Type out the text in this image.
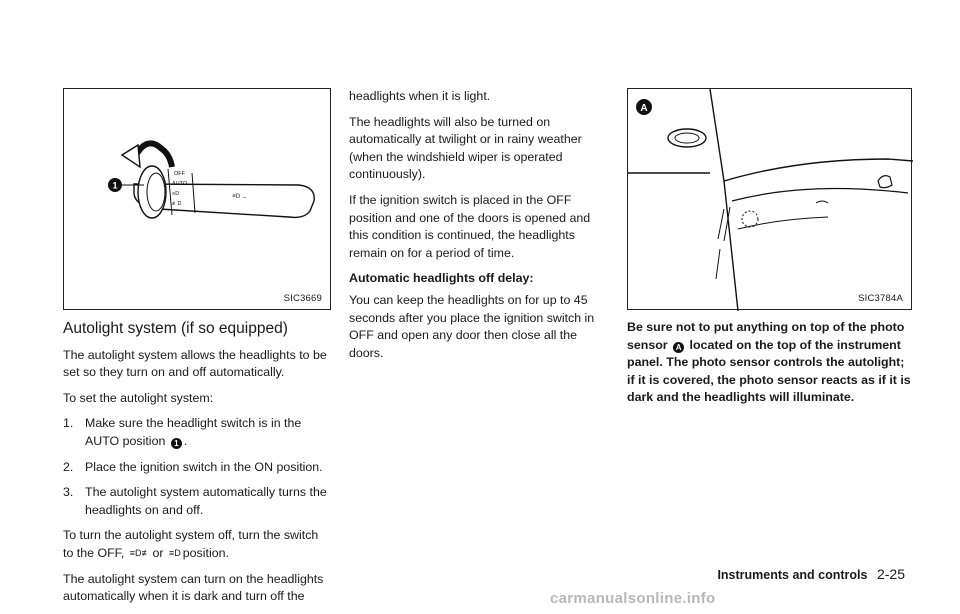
1
OFF
AUTO
≡D
≢D
≡D ⇔
SIC3669
A
SIC3784A
Autolight system (if so equipped)

The autolight system allows the headlights to be set so they turn on and off automatically.

To set the autolight system:

1. Make sure the headlight switch is in the AUTO position 1 .
2. Place the ignition switch in the ON position.
3. The autolight system automatically turns the headlights on and off.

To turn the autolight system off, turn the switch to the OFF, ≡D≢ or ≡D position.

The autolight system can turn on the headlights automatically when it is dark and turn off the

headlights when it is light.

The headlights will also be turned on automatically at twilight or in rainy weather (when the windshield wiper is operated continuously).

If the ignition switch is placed in the OFF position and one of the doors is opened and this condition is continued, the headlights remain on for a period of time.

Automatic headlights off delay:

You can keep the headlights on for up to 45 seconds after you place the ignition switch in OFF and open any door then close all the doors.

Be sure not to put anything on top of the photo sensor A located on the top of the instrument panel. The photo sensor controls the autolight; if it is covered, the photo sensor reacts as if it is dark and the headlights will illuminate.
Instruments and controls 2-25
carmanualsonline.info
